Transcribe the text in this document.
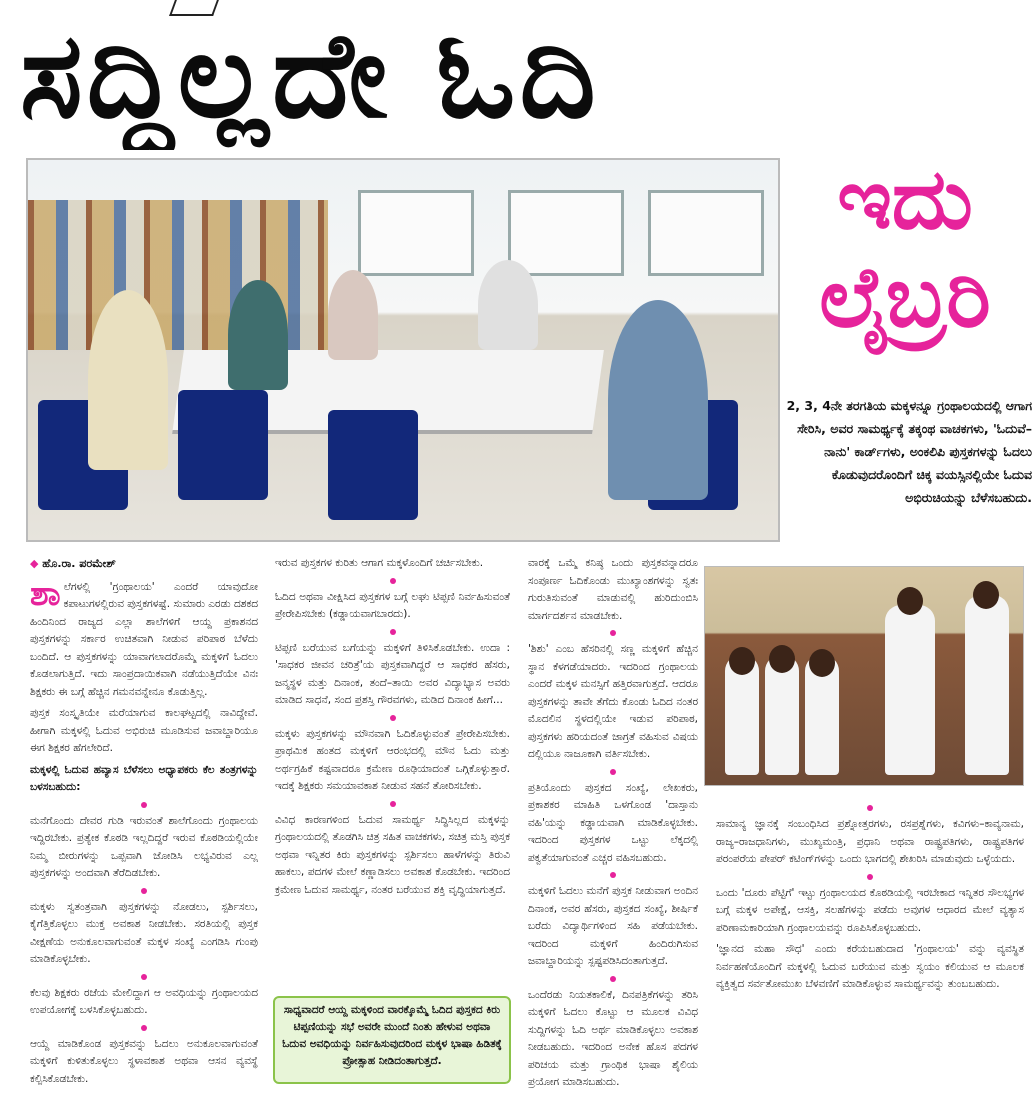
ಸದ್ದಿಲ್ಲದೇ ಓದಿ
ಇದು
ಲೈಬ್ರರಿ
2, 3, 4ನೇ ತರಗತಿಯ ಮಕ್ಕಳನ್ನೂ ಗ್ರಂಥಾಲಯದಲ್ಲಿ ಆಗಾಗ ಸೇರಿಸಿ, ಅವರ ಸಾಮರ್ಥ್ಯಕ್ಕೆ ತಕ್ಕಂಥ ವಾಚಕಗಳು, 'ಓದುವೆ–ನಾನು' ಕಾರ್ಡ್‌ಗಳು, ಅಂಕಲಿಪಿ ಪುಸ್ತಕಗಳನ್ನು ಓದಲು ಕೊಡುವುದರೊಂದಿಗೆ ಚಿಕ್ಕ ವಯಸ್ಸಿನಲ್ಲಿಯೇ ಓದುವ ಅಭಿರುಚಿಯನ್ನು ಬೆಳೆಸಬಹುದು.
◆ ಹೊ.ರಾ. ಪರಮೇಶ್

ಶಾಲೆಗಳಲ್ಲಿ 'ಗ್ರಂಥಾಲಯ' ಎಂದರೆ ಯಾವುದೋ ಕಪಾಟುಗಳಲ್ಲಿರುವ ಪುಸ್ತಕಗಳಷ್ಟೆ. ಸುಮಾರು ಎರಡು ದಶಕದ ಹಿಂದಿನಿಂದ ರಾಜ್ಯದ ಎಲ್ಲಾ ಶಾಲೆಗಳಿಗೆ ಆಯ್ದ ಪ್ರಕಾಶನದ ಪುಸ್ತಕಗಳನ್ನು ಸರ್ಕಾರ ಉಚಿತವಾಗಿ ನೀಡುವ ಪರಿಪಾಠ ಬೆಳೆದು ಬಂದಿದೆ. ಆ ಪುಸ್ತಕಗಳನ್ನು ಯಾವಾಗಲಾದರೊಮ್ಮೆ ಮಕ್ಕಳಿಗೆ ಓದಲು ಕೊಡಲಾಗುತ್ತಿದೆ. ಇದು ಸಾಂಪ್ರದಾಯಿಕವಾಗಿ ನಡೆಯುತ್ತಿದೆಯೇ ವಿನಃ ಶಿಕ್ಷಕರು ಈ ಬಗ್ಗೆ ಹೆಚ್ಚಿನ ಗಮನವನ್ನೇನೂ ಕೊಡುತ್ತಿಲ್ಲ.

ಪುಸ್ತಕ ಸಂಸ್ಕೃತಿಯೇ ಮರೆಯಾಗುವ ಕಾಲಘಟ್ಟದಲ್ಲಿ ನಾವಿದ್ದೇವೆ. ಹೀಗಾಗಿ ಮಕ್ಕಳಲ್ಲಿ ಓದುವ ಅಭಿರುಚಿ ಮೂಡಿಸುವ ಜವಾಬ್ದಾರಿಯೂ ಈಗ ಶಿಕ್ಷಕರ ಹೆಗಲೇರಿದೆ.

ಮಕ್ಕಳಲ್ಲಿ ಓದುವ ಹವ್ಯಾಸ ಬೆಳೆಸಲು ಅಧ್ಯಾಪಕರು ಕೆಲ ತಂತ್ರಗಳನ್ನು ಬಳಸಬಹುದು:

ಮನೆಗೊಂದು ದೇವರ ಗುಡಿ ಇರುವಂತೆ ಶಾಲೆಗೊಂದು ಗ್ರಂಥಾಲಯ ಇದ್ದಿರಬೇಕು. ಪ್ರತ್ಯೇಕ ಕೊಠಡಿ ಇಲ್ಲದಿದ್ದರೆ ಇರುವ ಕೊಠಡಿಯಲ್ಲಿಯೇ ನಿಮ್ಮ ಬೀರುಗಳನ್ನು ಒಪ್ಪವಾಗಿ ಜೋಡಿಸಿ ಲಭ್ಯವಿರುವ ಎಲ್ಲ ಪುಸ್ತಕಗಳನ್ನು ಅಂದವಾಗಿ ತೆರೆದಿಡಬೇಕು.

ಮಕ್ಕಳು ಸ್ವತಂತ್ರವಾಗಿ ಪುಸ್ತಕಗಳನ್ನು ನೋಡಲು, ಸ್ಪರ್ಶಿಸಲು, ಕೈಗೆತ್ತಿಕೊಳ್ಳಲು ಮುಕ್ತ ಅವಕಾಶ ನೀಡಬೇಕು. ಸರತಿಯಲ್ಲಿ ಪುಸ್ತಕ ವೀಕ್ಷಣೆಯ ಅನುಕೂಲವಾಗುವಂತೆ ಮಕ್ಕಳ ಸಂಖ್ಯೆ ಎಂಗಡಿಸಿ ಗುಂಪು ಮಾಡಿಕೊಳ್ಳಬೇಕು.

ಕೆಲವು ಶಿಕ್ಷಕರು ರಜೆಯ ಮೇಲಿದ್ದಾಗ ಆ ಅವಧಿಯನ್ನು ಗ್ರಂಥಾಲಯದ ಉಪಯೋಗಕ್ಕೆ ಬಳಸಿಕೊಳ್ಳಬಹುದು.

ಆಯ್ದೆ ಮಾಡಿಕೊಂಡ ಪುಸ್ತಕವನ್ನು ಓದಲು ಅನುಕೂಲವಾಗುವಂತೆ ಮಕ್ಕಳಿಗೆ ಕುಳಿತುಕೊಳ್ಳಲು ಸ್ಥಳಾವಕಾಶ ಅಥವಾ ಆಸನ ವ್ಯವಸ್ಥೆ ಕಲ್ಪಿಸಿಕೊಡಬೇಕು.

ಇರುವ ಪುಸ್ತಕಗಳ ಕುರಿತು ಆಗಾಗ ಮಕ್ಕಳೊಂದಿಗೆ ಚರ್ಚಿಸಬೇಕು.

ಓದಿದ ಅಥವಾ ವೀಕ್ಷಿಸಿದ ಪುಸ್ತಕಗಳ ಬಗ್ಗೆ ಲಘು ಟಿಪ್ಪಣಿ ನಿರ್ವಹಿಸುವಂತೆ ಪ್ರೇರೇಪಿಸಬೇಕು (ಕಡ್ಡಾಯವಾಗಬಾರದು).

ಟಿಪ್ಪಣಿ ಬರೆಯುವ ಬಗೆಯನ್ನು ಮಕ್ಕಳಿಗೆ ತಿಳಿಸಿಕೊಡಬೇಕು. ಉದಾ : 'ಸಾಧಕರ ಜೀವನ ಚರಿತ್ರೆ'ಯ ಪುಸ್ತಕವಾಗಿದ್ದರೆ ಆ ಸಾಧಕರ ಹೆಸರು, ಜನ್ಮಸ್ಥಳ ಮತ್ತು ದಿನಾಂಕ, ತಂದೆ–ತಾಯಿ ಅವರ ವಿದ್ಯಾಭ್ಯಾಸ ಅವರು ಮಾಡಿದ ಸಾಧನೆ, ಸಂದ ಪ್ರಶಸ್ತಿ ಗೌರವಗಳು, ಮಡಿದ ದಿನಾಂಕ ಹೀಗೆ...

ಮಕ್ಕಳು ಪುಸ್ತಕಗಳನ್ನು ಮೌನವಾಗಿ ಓದಿಕೊಳ್ಳುವಂತೆ ಪ್ರೇರೇಪಿಸಬೇಕು. ಪ್ರಾಥಮಿಕ ಹಂತದ ಮಕ್ಕಳಿಗೆ ಆರಂಭದಲ್ಲಿ ಮೌನ ಓದು ಮತ್ತು ಅರ್ಥಗ್ರಹಿಕೆ ಕಷ್ಟವಾದರೂ ಕ್ರಮೇಣ ರೂಢಿಯಾದಂತೆ ಒಗ್ಗಿಕೊಳ್ಳುತ್ತಾರೆ. ಇದಕ್ಕೆ ಶಿಕ್ಷಕರು ಸಮಯಾವಕಾಶ ನೀಡುವ ಸಹನೆ ತೋರಿಸಬೇಕು.

ವಿವಿಧ ಕಾರಣಗಳಿಂದ ಓದುವ ಸಾಮರ್ಥ್ಯ ಸಿದ್ಧಿಸಿಲ್ಲದ ಮಕ್ಕಳನ್ನು ಗ್ರಂಥಾಲಯದಲ್ಲಿ ತೊಡಗಿಸಿ ಚಿತ್ರ ಸಹಿತ ವಾಚಕಗಳು, ಸಚಿತ್ರ ಮಸ್ತಿ ಪುಸ್ತಕ ಅಥವಾ ಇನ್ನಿತರ ಕಿರು ಪುಸ್ತಕಗಳನ್ನು ಸ್ಪರ್ಶಿಸಲು ಹಾಳೆಗಳನ್ನು ತಿರುವಿ ಹಾಕಲು, ಪದಗಳ ಮೇಲೆ ಕಣ್ಣಾಡಿಸಲು ಅವಕಾಶ ಕೊಡಬೇಕು. ಇದರಿಂದ ಕ್ರಮೇಣ ಓದುವ ಸಾಮರ್ಥ್ಯ, ನಂತರ ಬರೆಯುವ ಶಕ್ತಿ ವೃದ್ಧಿಯಾಗುತ್ತದೆ.

ಸಾಧ್ಯವಾದರೆ ಆಯ್ದ ಮಕ್ಕಳಿಂದ ವಾರಕ್ಕೊಮ್ಮೆ ಓದಿದ ಪುಸ್ತಕದ ಕಿರು ಟಿಪ್ಪಣಿಯನ್ನು ಸಭೆ ಅವರೇ ಮುಂದೆ ನಿಂತು ಹೇಳುವ ಅಥವಾ ಓದುವ ಅವಧಿಯನ್ನು ನಿರ್ವಹಿಸುವುದರಿಂದ ಮಕ್ಕಳ ಭಾಷಾ ಹಿಡಿತಕ್ಕೆ ಪ್ರೋತ್ಸಾಹ ನೀಡಿದಂತಾಗುತ್ತದೆ.

ವಾರಕ್ಕೆ ಒಮ್ಮೆ ಕನಿಷ್ಠ ಒಂದು ಪುಸ್ತಕವನ್ನಾದರೂ ಸಂಪೂರ್ಣ ಓದಿಕೊಂಡು ಮುಖ್ಯಾಂಶಗಳನ್ನು ಸ್ವತಃ ಗುರುತಿಸುವಂತೆ ಮಾಡುವಲ್ಲಿ ಹುರಿದುಂಬಿಸಿ ಮಾರ್ಗದರ್ಶನ ಮಾಡಬೇಕು.

'ಶಿಶು' ಎಂಬ ಹೆಸರಿನಲ್ಲಿ ಸಣ್ಣ ಮಕ್ಕಳಿಗೆ ಹೆಚ್ಚಿನ ಸ್ಥಾನ ಕೆಳಗಡೆಯಾದರು. ಇದರಿಂದ ಗ್ರಂಥಾಲಯ ಎಂದರೆ ಮಕ್ಕಳ ಮನಸ್ಸಿಗೆ ಹತ್ತಿರವಾಗುತ್ತದೆ. ಆದರೂ ಪುಸ್ತಕಗಳನ್ನು ತಾವೇ ತೆಗೆದು ಕೊಂಡು ಓದಿದ ನಂತರ ಮೊದಲಿನ ಸ್ಥಳದಲ್ಲಿಯೇ ಇಡುವ ಪರಿಪಾಠ, ಪುಸ್ತಕಗಳು ಹರಿಯದಂತೆ ಜಾಗ್ರತೆ ವಹಿಸುವ ವಿಷಯ ದಲ್ಲಿಯೂ ನಾಜೂಕಾಗಿ ವರ್ತಿಸಬೇಕು.

ಪ್ರತಿಯೊಂದು ಪುಸ್ತಕದ ಸಂಖ್ಯೆ, ಲೇಖಕರು, ಪ್ರಕಾಶಕರ ಮಾಹಿತಿ ಒಳಗೊಂಡ 'ದಾಸ್ತಾನು ವಹಿ'ಯನ್ನು ಕಡ್ಡಾಯವಾಗಿ ಮಾಡಿಕೊಳ್ಳಬೇಕು. ಇದರಿಂದ ಪುಸ್ತಕಗಳ ಒಟ್ಟು ಲೆಕ್ಕದಲ್ಲಿ ಪಕ್ವತೆಯಾಗುವಂತೆ ಎಚ್ಚರ ವಹಿಸಬಹುದು.

ಮಕ್ಕಳಿಗೆ ಓದಲು ಮನೆಗೆ ಪುಸ್ತಕ ನೀಡುವಾಗ ಅಂದಿನ ದಿನಾಂಕ, ಅವರ ಹೆಸರು, ಪುಸ್ತಕದ ಸಂಖ್ಯೆ, ಶೀರ್ಷಿಕೆ ಬರೆದು ವಿದ್ಯಾರ್ಥಿಗಳಿಂದ ಸಹಿ ಪಡೆಯಬೇಕು. ಇದರಿಂದ ಮಕ್ಕಳಿಗೆ ಹಿಂದಿರುಗಿಸುವ ಜವಾಬ್ದಾರಿಯನ್ನು ಸ್ಪಷ್ಟಪಡಿಸಿದಂತಾಗುತ್ತದೆ.

ಒಂದೆರಡು ನಿಯತಕಾಲಿಕೆ, ದಿನಪತ್ರಿಕೆಗಳನ್ನು ತರಿಸಿ ಮಕ್ಕಳಿಗೆ ಓದಲು ಕೊಟ್ಟು ಆ ಮೂಲಕ ವಿವಿಧ ಸುದ್ದಿಗಳನ್ನು ಓದಿ ಅರ್ಥ ಮಾಡಿಕೊಳ್ಳಲು ಅವಕಾಶ ನೀಡಬಹುದು. ಇದರಿಂದ ಅನೇಕ ಹೊಸ ಪದಗಳ ಪರಿಚಯ ಮತ್ತು ಗ್ರಾಂಥಿಕ ಭಾಷಾ ಶೈಲಿಯ ಪ್ರಯೋಗ ಮಾಡಿಸಬಹುದು.

ಸಾಮಾನ್ಯ ಜ್ಞಾನಕ್ಕೆ ಸಂಬಂಧಿಸಿದ ಪ್ರಶ್ನೋತ್ತರಗಳು, ರಸಪ್ರಶ್ನೆಗಳು, ಕವಿಗಳು–ಕಾವ್ಯನಾಮ, ರಾಜ್ಯ–ರಾಜಧಾನಿಗಳು, ಮುಖ್ಯಮಂತ್ರಿ, ಪ್ರಧಾನಿ ಅಥವಾ ರಾಷ್ಟ್ರಪತಿಗಳು, ರಾಷ್ಟ್ರಪತಿಗಳ ಪರಂಪರೆಯ ಪೇಪರ್ ಕಟಿಂಗ್‌ಗಳನ್ನು ಒಂದು ಭಾಗದಲ್ಲಿ ಶೇಖರಿಸಿ ಮಾಡುವುದು ಒಳ್ಳೆಯದು.

ಒಂದು 'ದೂರು ಪೆಟ್ಟಿಗೆ' ಇಟ್ಟು ಗ್ರಂಥಾಲಯದ ಕೊಠಡಿಯಲ್ಲಿ ಇರಬೇಕಾದ ಇನ್ನಿತರ ಸೌಲಭ್ಯಗಳ ಬಗ್ಗೆ ಮಕ್ಕಳ ಅಪೇಕ್ಷೆ, ಆಸಕ್ತಿ, ಸಲಹೆಗಳನ್ನು ಪಡೆದು ಅವುಗಳ ಆಧಾರದ ಮೇಲೆ ವ್ಯತ್ಯಾಸ ಪರಿಣಾಮಕಾರಿಯಾಗಿ ಗ್ರಂಥಾಲಯವನ್ನು ರೂಪಿಸಿಕೊಳ್ಳಬಹುದು.

'ಜ್ಞಾನದ ಮಹಾ ಸೌಧ' ಎಂದು ಕರೆಯಬಹುದಾದ 'ಗ್ರಂಥಾಲಯ' ವನ್ನು ವ್ಯವಸ್ಥಿತ ನಿರ್ವಹಣೆಯೊಂದಿಗೆ ಮಕ್ಕಳಲ್ಲಿ ಓದುವ ಬರೆಯುವ ಮತ್ತು ಸ್ವಯಂ ಕಲಿಯುವ ಆ ಮೂಲಕ ವ್ಯಕ್ತಿತ್ವದ ಸರ್ವತೋಮುಖ ಬೆಳವಣಿಗೆ ಮಾಡಿಕೊಳ್ಳುವ ಸಾಮರ್ಥ್ಯವನ್ನು ತುಂಬಬಹುದು.
